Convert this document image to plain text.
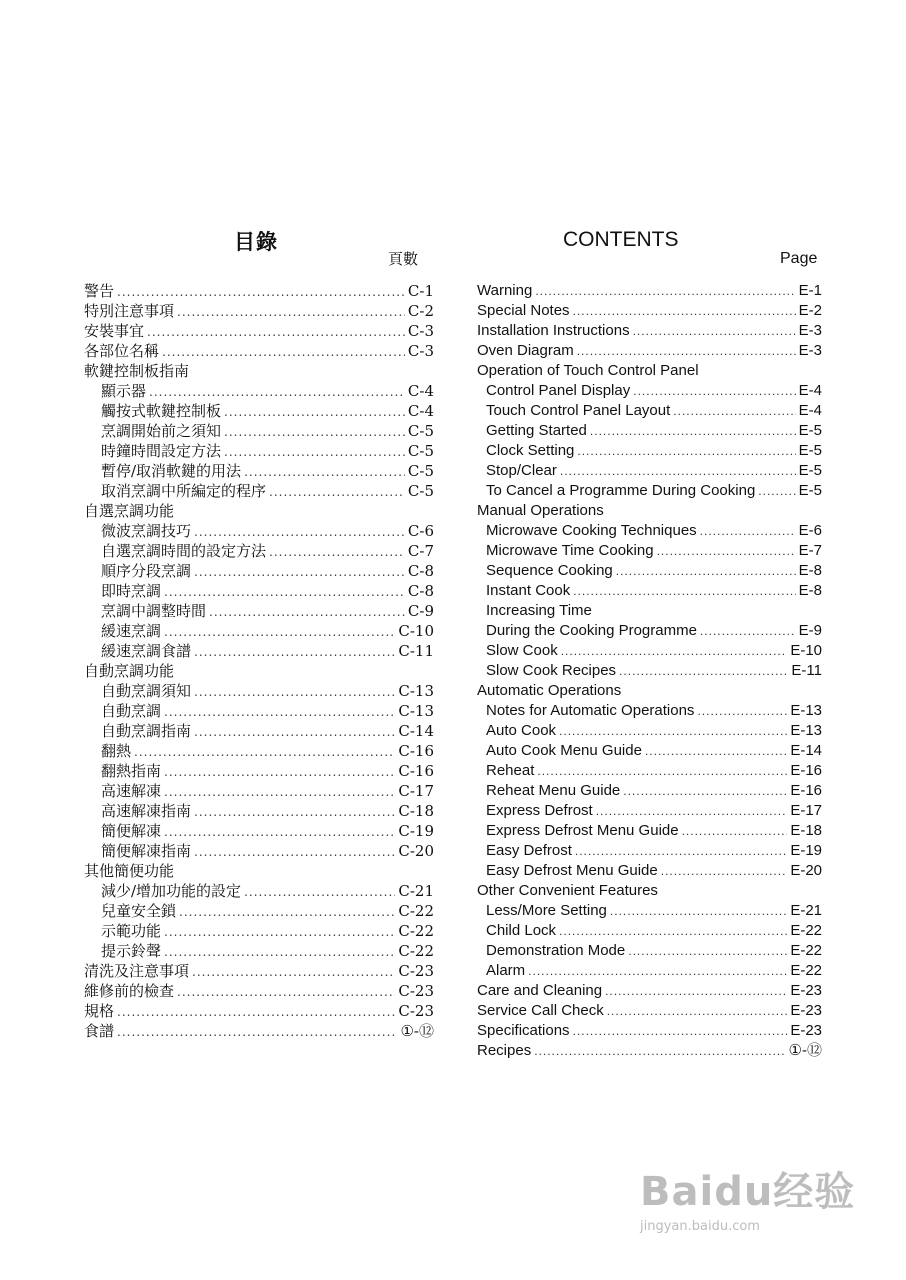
目錄
頁數
CONTENTS
Page
警告 .....	C-1
特別注意事項 .....	C-2
安裝事宜 .....	C-3
各部位名稱 .....	C-3
軟鍵控制板指南
顯示器 .....	C-4
觸按式軟鍵控制板 .....	C-4
烹調開始前之須知 .....	C-5
時鐘時間設定方法 .....	C-5
暫停/取消軟鍵的用法 .....	C-5
取消烹調中所編定的程序 .....	C-5
自選烹調功能
微波烹調技巧 .....	C-6
自選烹調時間的設定方法 .....	C-7
順序分段烹調 .....	C-8
即時烹調 .....	C-8
烹調中調整時間 .....	C-9
緩速烹調 .....	C-10
緩速烹調食譜 .....	C-11
自動烹調功能
自動烹調須知 .....	C-13
自動烹調 .....	C-13
自動烹調指南 .....	C-14
翻熱 .....	C-16
翻熱指南 .....	C-16
高速解凍 .....	C-17
高速解凍指南 .....	C-18
簡便解凍 .....	C-19
簡便解凍指南 .....	C-20
其他簡便功能
減少/增加功能的設定 .....	C-21
兒童安全鎖 .....	C-22
示範功能 .....	C-22
提示鈴聲 .....	C-22
清洗及注意事項 .....	C-23
維修前的檢查 .....	C-23
規格 .....	C-23
食譜 .....	①-⑫
Warning .....	E-1
Special Notes .....	E-2
Installation Instructions .....	E-3
Oven Diagram .....	E-3
Operation of Touch Control Panel
Control Panel Display .....	E-4
Touch Control Panel Layout .....	E-4
Getting Started .....	E-5
Clock Setting .....	E-5
Stop/Clear .....	E-5
To Cancel a Programme During Cooking .....	E-5
Manual Operations
Microwave Cooking Techniques .....	E-6
Microwave Time Cooking .....	E-7
Sequence Cooking .....	E-8
Instant Cook .....	E-8
Increasing Time
During the Cooking Programme .....	E-9
Slow Cook .....	E-10
Slow Cook Recipes .....	E-11
Automatic Operations
Notes for Automatic Operations .....	E-13
Auto Cook .....	E-13
Auto Cook Menu Guide .....	E-14
Reheat .....	E-16
Reheat Menu Guide .....	E-16
Express Defrost .....	E-17
Express Defrost Menu Guide .....	E-18
Easy Defrost .....	E-19
Easy Defrost Menu Guide .....	E-20
Other Convenient Features
Less/More Setting .....	E-21
Child Lock .....	E-22
Demonstration Mode .....	E-22
Alarm .....	E-22
Care and Cleaning .....	E-23
Service Call Check .....	E-23
Specifications .....	E-23
Recipes .....	①-⑫
Baidu经验
jingyan.baidu.com
